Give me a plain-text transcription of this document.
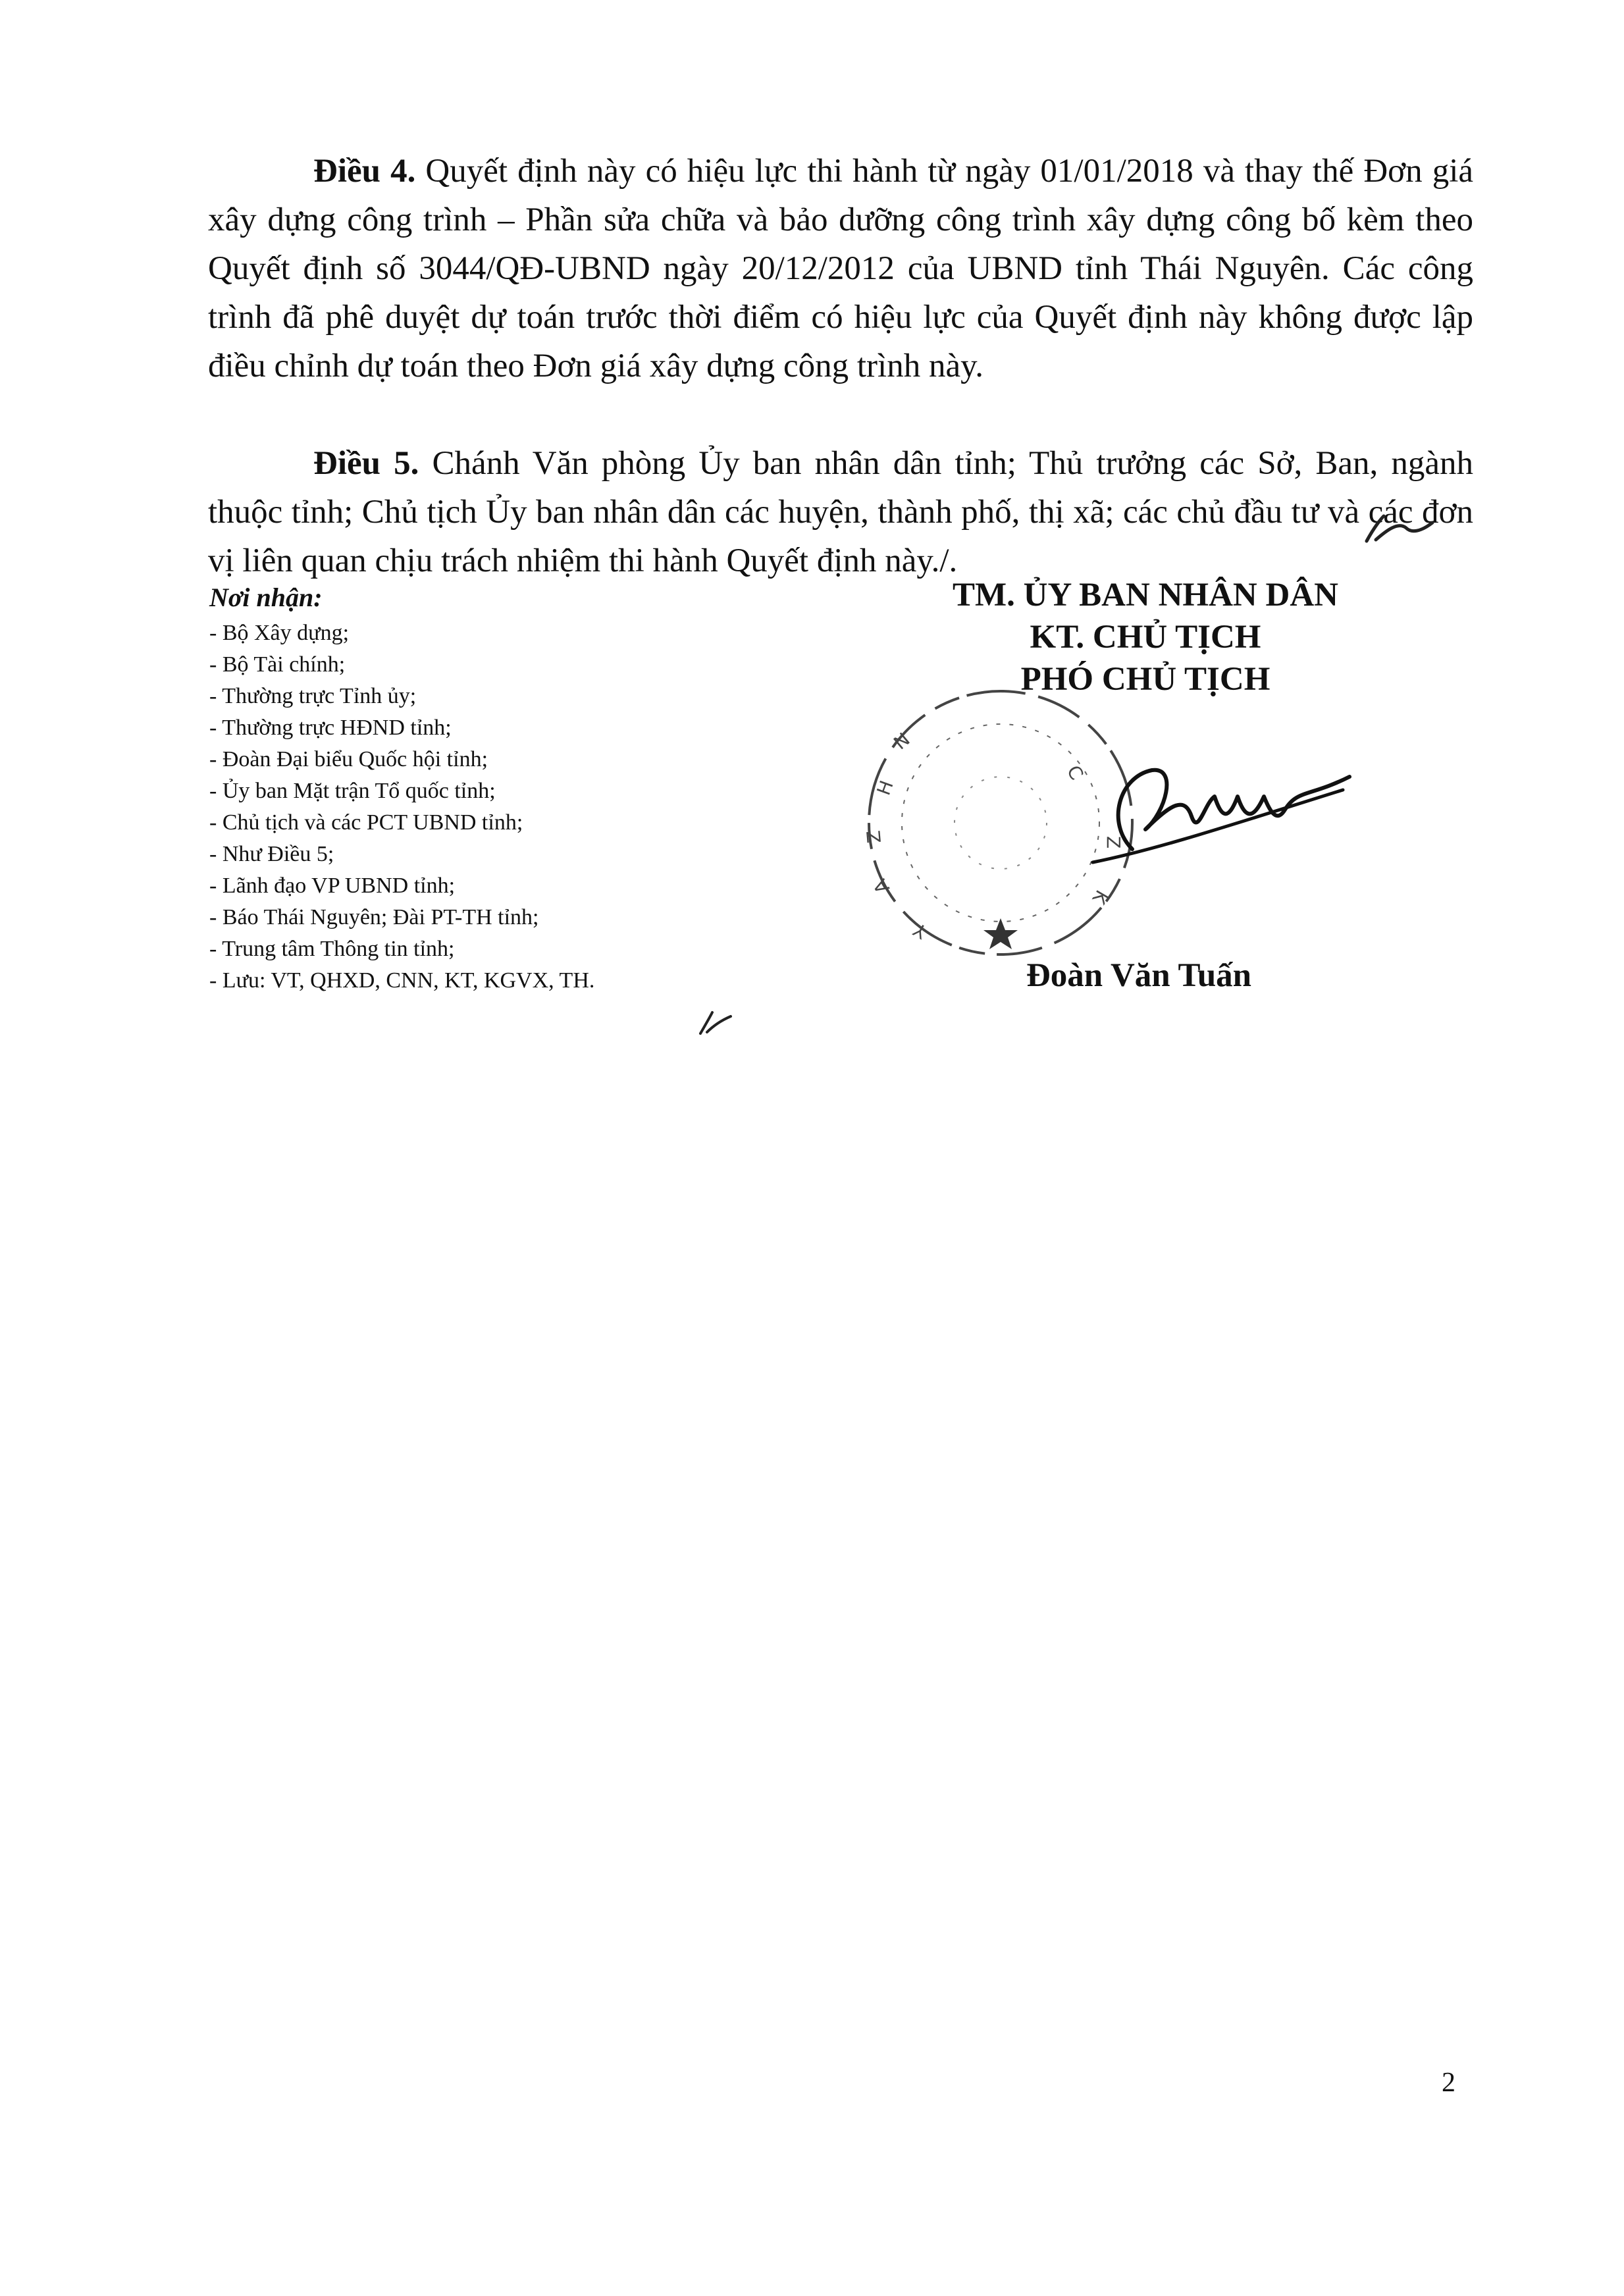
Điều 4. Quyết định này có hiệu lực thi hành từ ngày 01/01/2018 và thay thế Đơn giá xây dựng công trình – Phần sửa chữa và bảo dưỡng công trình xây dựng công bố kèm theo Quyết định số 3044/QĐ-UBND ngày 20/12/2012 của UBND tỉnh Thái Nguyên. Các công trình đã phê duyệt dự toán trước thời điểm có hiệu lực của Quyết định này không được lập điều chỉnh dự toán theo Đơn giá xây dựng công trình này.

Điều 5. Chánh Văn phòng Ủy ban nhân dân tỉnh; Thủ trưởng các Sở, Ban, ngành thuộc tỉnh; Chủ tịch Ủy ban nhân dân các huyện, thành phố, thị xã; các chủ đầu tư và các đơn vị liên quan chịu trách nhiệm thi hành Quyết định này./.

Nơi nhận:
- Bộ Xây dựng;
- Bộ Tài chính;
- Thường trực Tỉnh ủy;
- Thường trực HĐND tỉnh;
- Đoàn Đại biểu Quốc hội tỉnh;
- Ủy ban Mặt trận Tổ quốc tỉnh;
- Chủ tịch và các PCT UBND tỉnh;
- Như Điều 5;
- Lãnh đạo VP UBND tỉnh;
- Báo Thái Nguyên; Đài PT-TH tỉnh;
- Trung tâm Thông tin tỉnh;
- Lưu: VT, QHXD, CNN, KT, KGVX, TH.
TM. ỦY BAN NHÂN DÂN
KT. CHỦ TỊCH
PHÓ CHỦ TỊCH
N
H
Z
A
Y
C
Z
K
Đoàn Văn Tuấn
2
